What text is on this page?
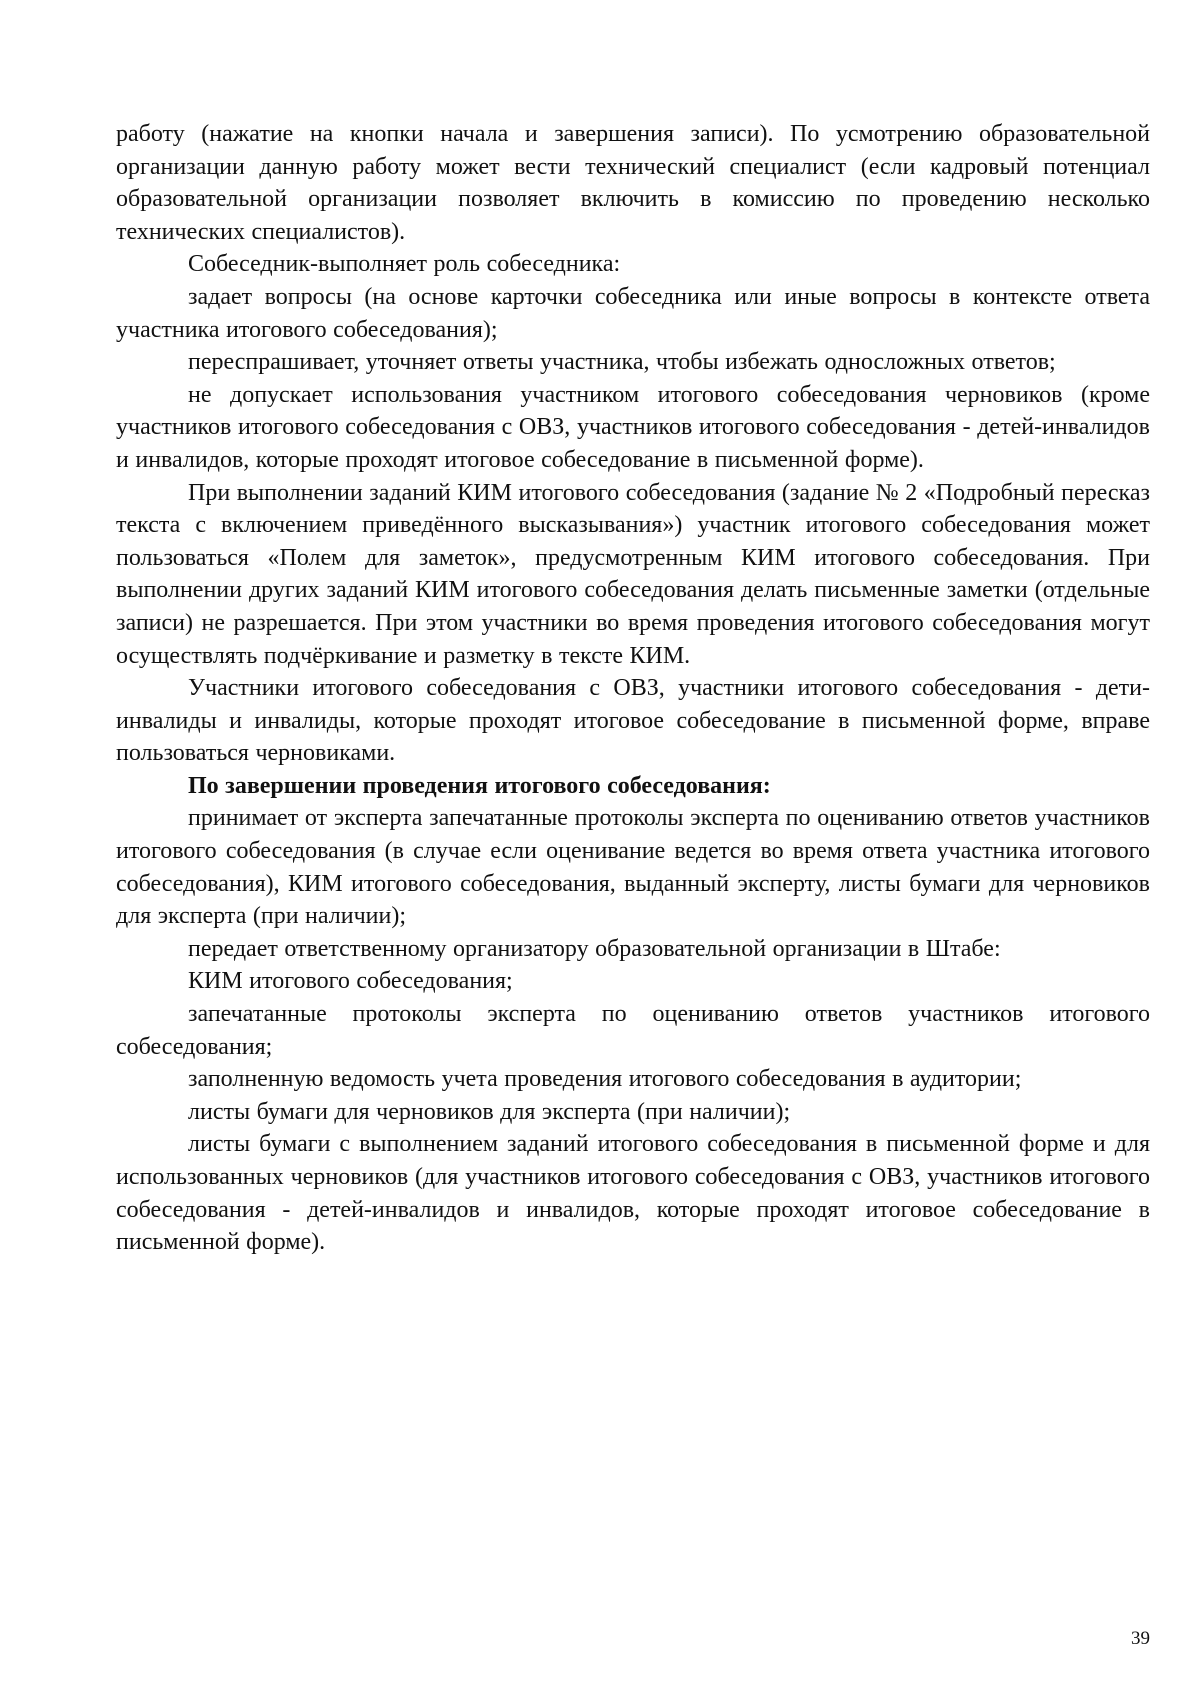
работу (нажатие на кнопки начала и завершения записи). По усмотрению образовательной организации данную работу может вести технический специалист (если кадровый потенциал образовательной организации позволяет включить в комиссию по проведению несколько технических специалистов).

Собеседник-выполняет роль собеседника:

задает вопросы (на основе карточки собеседника или иные вопросы в контексте ответа участника итогового собеседования);

переспрашивает, уточняет ответы участника, чтобы избежать односложных ответов;

не допускает использования участником итогового собеседования черновиков (кроме участников итогового собеседования с ОВЗ, участников итогового собеседования - детей-инвалидов и инвалидов, которые проходят итоговое собеседование в письменной форме).

При выполнении заданий КИМ итогового собеседования (задание № 2 «Подробный пересказ текста с включением приведённого высказывания») участник итогового собеседования может пользоваться «Полем для заметок», предусмотренным КИМ итогового собеседования. При выполнении других заданий КИМ итогового собеседования делать письменные заметки (отдельные записи) не разрешается. При этом участники во время проведения итогового собеседования могут осуществлять подчёркивание и разметку в тексте КИМ.

Участники итогового собеседования с ОВЗ, участники итогового собеседования - дети-инвалиды и инвалиды, которые проходят итоговое собеседование в письменной форме, вправе пользоваться черновиками.

По завершении проведения итогового собеседования:

принимает от эксперта запечатанные протоколы эксперта по оцениванию ответов участников итогового собеседования (в случае если оценивание ведется во время ответа участника итогового собеседования), КИМ итогового собеседования, выданный эксперту, листы бумаги для черновиков для эксперта (при наличии);

передает ответственному организатору образовательной организации в Штабе:

КИМ итогового собеседования;

запечатанные протоколы эксперта по оцениванию ответов участников итогового собеседования;

заполненную ведомость учета проведения итогового собеседования в аудитории;

листы бумаги для черновиков для эксперта (при наличии);

листы бумаги с выполнением заданий итогового собеседования в письменной форме и для использованных черновиков (для участников итогового собеседования с ОВЗ, участников итогового собеседования - детей-инвалидов и инвалидов, которые проходят итоговое собеседование в письменной форме).

39
